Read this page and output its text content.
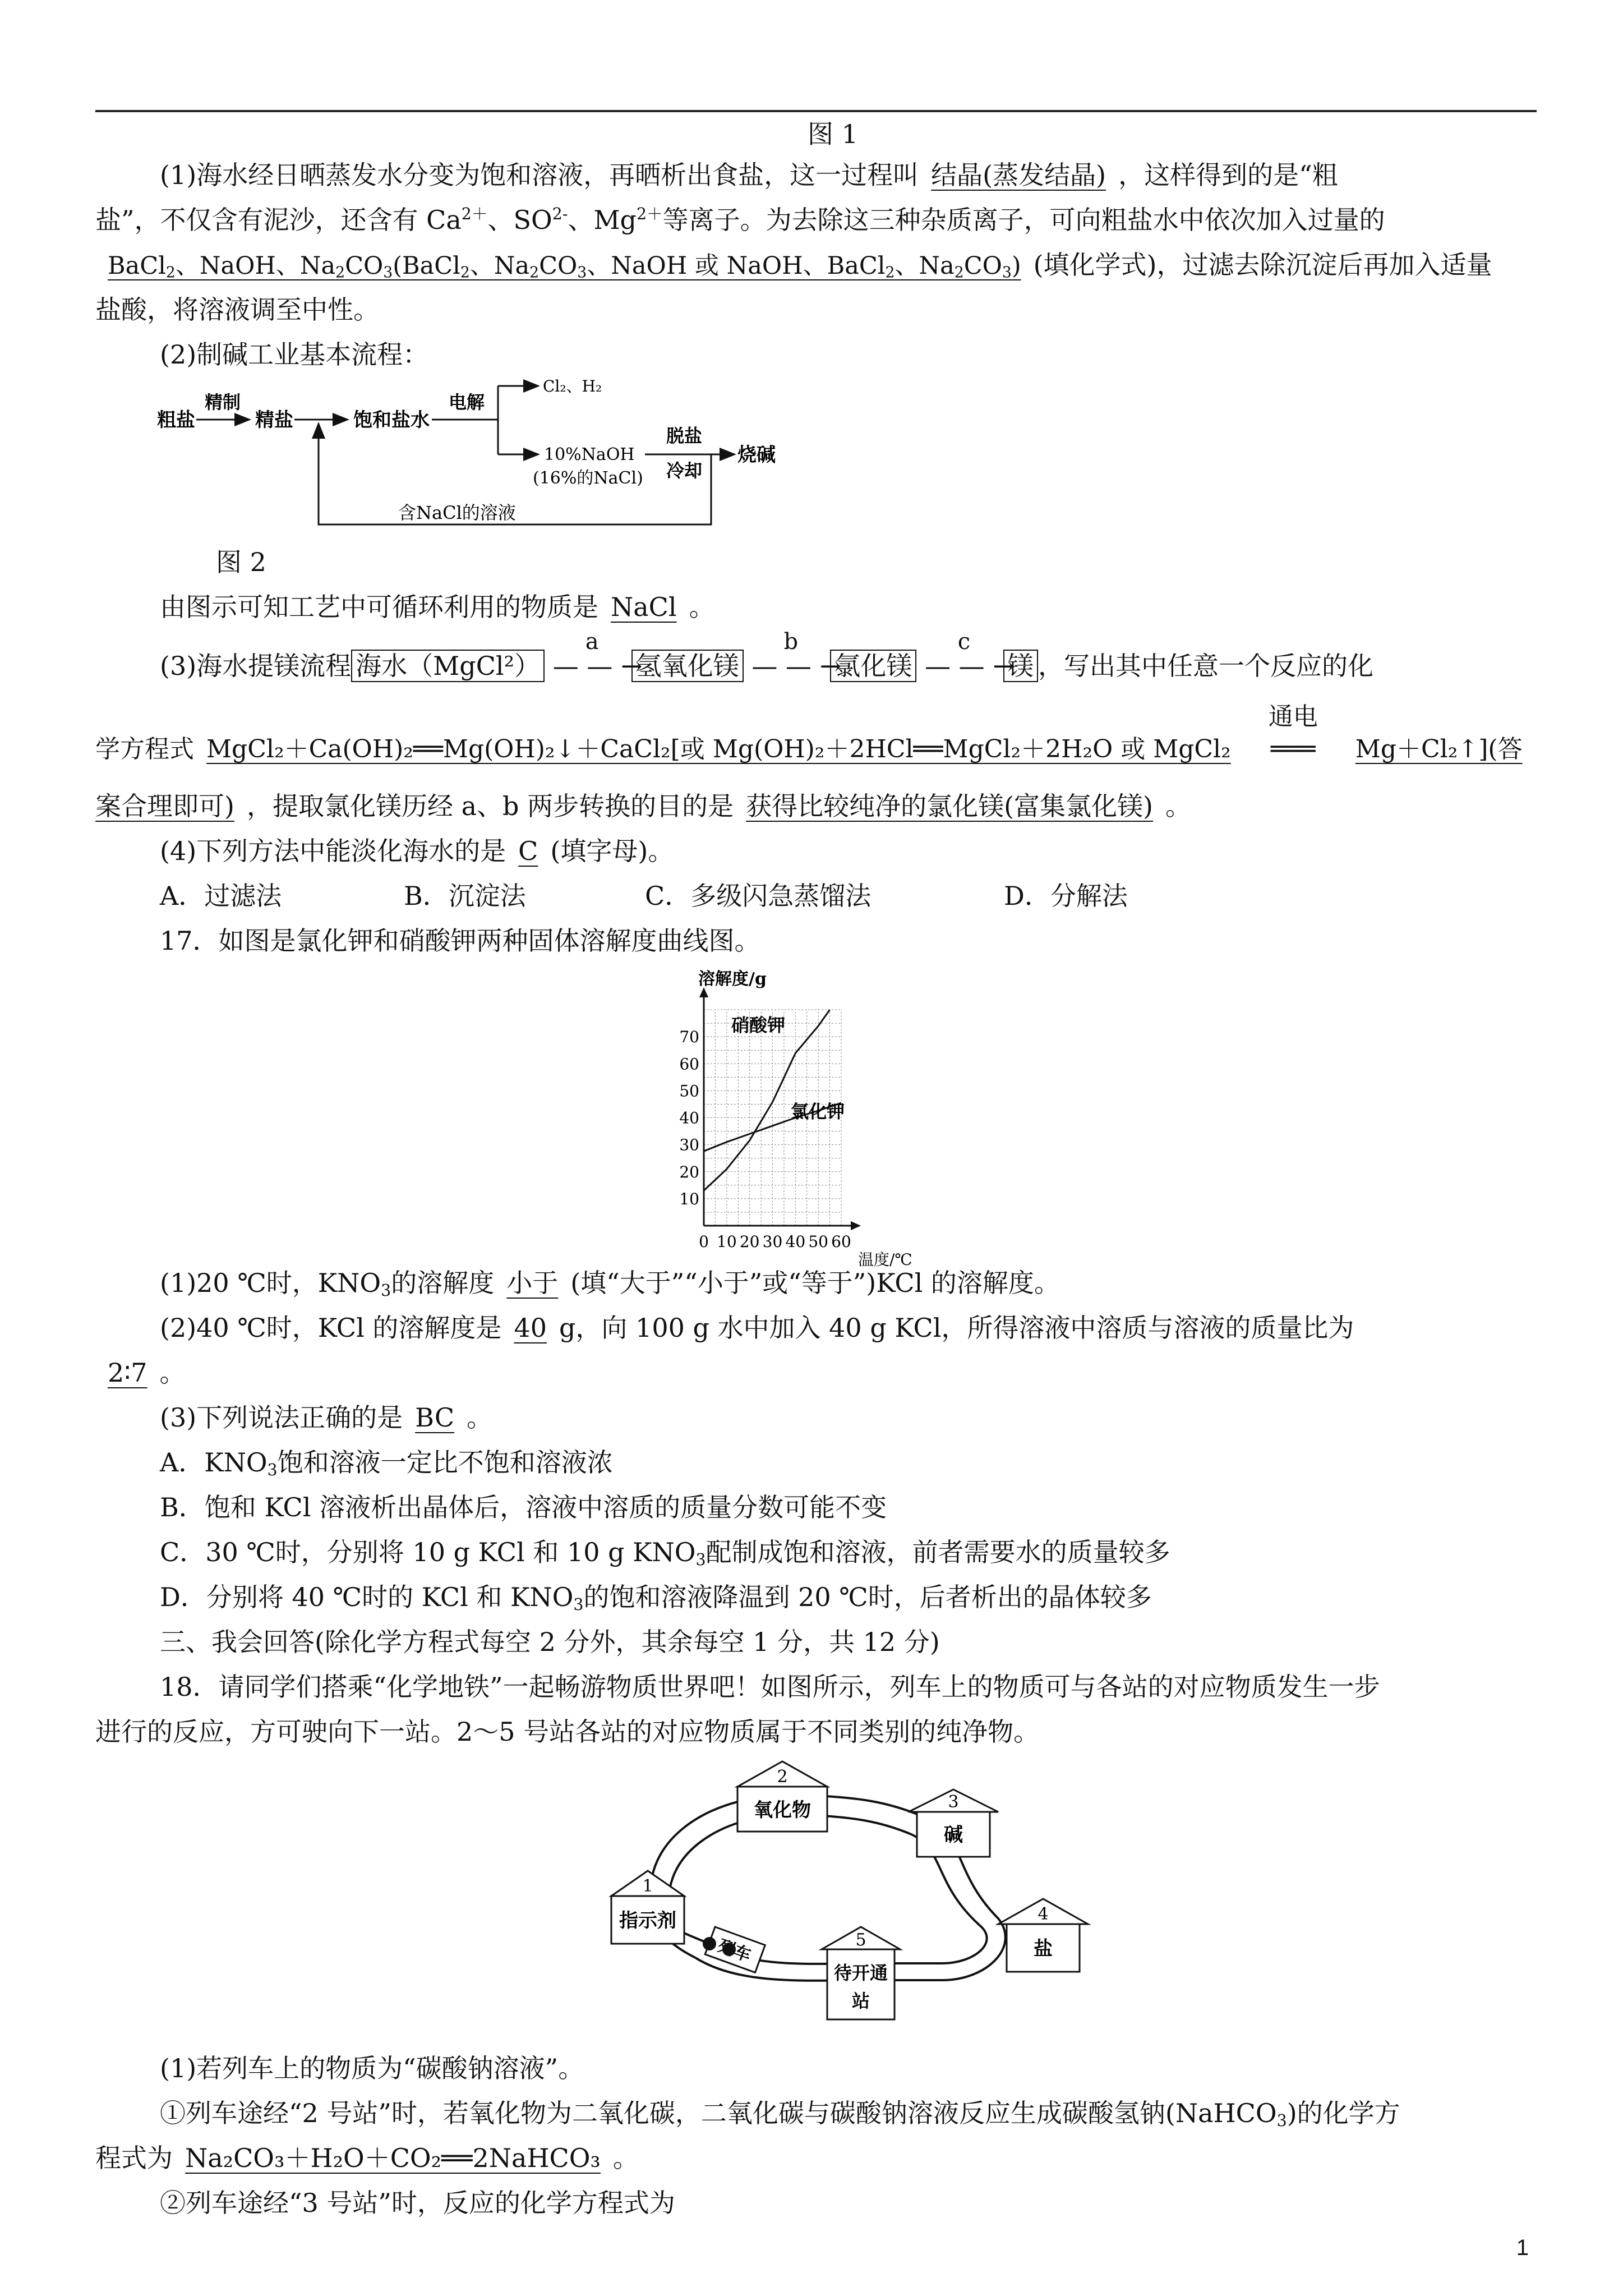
图 1
(1)海水经日晒蒸发水分变为饱和溶液，再晒析出食盐，这一过程叫 结晶(蒸发结晶) ，这样得到的是“粗
盐”，不仅含有泥沙，还含有 $Ca^{2+}$、$SO^{2-}$、$Mg^{2+}$等离子。为去除这三种杂质离子，可向粗盐水中依次加入过量的
BaCl$_2$、NaOH、$Na_2CO_3(BaCl_2$、$Na_2CO_3$、NaOH 或 NaOH、BaCl$_2$、$Na_2CO_3$) (填化学式)，过滤去除沉淀后再加入适量
盐酸，将溶液调至中性。
(2)制碱工业基本流程：
粗盐
精制
精盐	饱和盐水
电解
Cl₂、H₂
10%NaOH
(16%的NaCl)
脱盐
冷却
烧碱
含NaCl的溶液
图 2
由图示可知工艺中可循环利用的物质是 NaCl 。
(3)海水提镁流程 海水（MgCl²）
a
— — →氢氧化镁
b
— — →氯化镁
c
— — →镁 ，写出其中任意一个反应的化
学方程式 MgCl₂＋Ca(OH)₂══Mg(OH)₂↓＋CaCl₂[或 Mg(OH)₂＋2HCl══MgCl₂＋2H₂O 或 MgCl₂
通电
═══ Mg＋Cl₂↑](答
案合理即可) ，提取氯化镁历经 a、b 两步转换的目的是 获得比较纯净的氯化镁(富集氯化镁) 。
(4)下列方法中能淡化海水的是 C (填字母)。
A．过滤法	B．沉淀法	C．多级闪急蒸馏法	D．分解法
17．如图是氯化钾和硝酸钾两种固体溶解度曲线图。
溶解度/g
温度/℃
10
20
30
40
50
60
70
0 10 20 30 40 50 60
硝酸钾
氯化钾
(1)20 ℃时，$KNO_3$的溶解度 小于 (填“大于”“小于”或“等于”)KCl 的溶解度。
(2)40 ℃时，KCl 的溶解度是 40 g，向 100 g 水中加入 40 g KCl，所得溶液中溶质与溶液的质量比为
2∶7 。
(3)下列说法正确的是 BC 。
A．$KNO_3$饱和溶液一定比不饱和溶液浓
B．饱和 KCl 溶液析出晶体后，溶液中溶质的质量分数可能不变
C．30 ℃时，分别将 10 g KCl 和 10 g $KNO_3$配制成饱和溶液，前者需要水的质量较多
D．分别将 40 ℃时的 KCl 和 $KNO_3$的饱和溶液降温到 20 ℃时，后者析出的晶体较多
三、我会回答(除化学方程式每空 2 分外，其余每空 1 分，共 12 分)
18．请同学们搭乘“化学地铁”一起畅游物质世界吧！如图所示，列车上的物质可与各站的对应物质发生一步
进行的反应，方可驶向下一站。2～5 号站各站的对应物质属于不同类别的纯净物。
1
指示剂
2
氧化物	3
碱
4
盐
5
待开通
站
(1)若列车上的物质为“碳酸钠溶液”。
①列车途经“2 号站”时，若氧化物为二氧化碳，二氧化碳与碳酸钠溶液反应生成碳酸氢钠(NaHCO$_3$)的化学方
程式为 Na₂CO₃＋H₂O＋CO₂══2NaHCO₃ 。
②列车途经“3 号站”时，反应的化学方程式为
1
